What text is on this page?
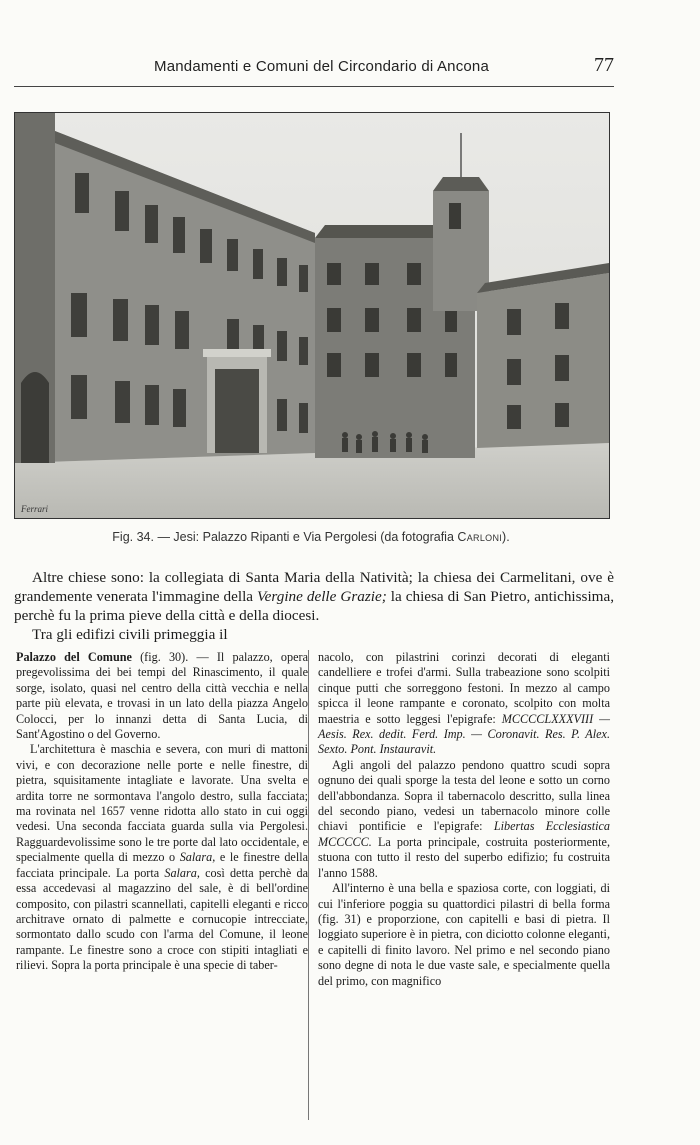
Mandamenti e Comuni del Circondario di Ancona	77
Ferrari
Fig. 34. — Jesi: Palazzo Ripanti e Via Pergolesi (da fotografia Carloni).

Altre chiese sono: la collegiata di Santa Maria della Natività; la chiesa dei Carmelitani, ove è grandemente venerata l'immagine della Vergine delle Grazie; la chiesa di San Pietro, antichissima, perchè fu la prima pieve della città e della diocesi.

Tra gli edifizi civili primeggia il

Palazzo del Comune (fig. 30). — Il palazzo, opera pregevolissima dei bei tempi del Rinascimento, il quale sorge, isolato, quasi nel centro della città vecchia e nella parte più elevata, e trovasi in un lato della piazza Angelo Colocci, per lo innanzi detta di Santa Lucia, di Sant'Agostino o del Governo.

L'architettura è maschia e severa, con muri di mattoni vivi, e con decorazione nelle porte e nelle finestre, di pietra, squisitamente intagliate e lavorate. Una svelta e ardita torre ne sormontava l'angolo destro, sulla facciata; ma rovinata nel 1657 venne ridotta allo stato in cui oggi vedesi. Una seconda facciata guarda sulla via Pergolesi. Ragguardevolissime sono le tre porte dal lato occidentale, e specialmente quella di mezzo o Salara, e le finestre della facciata principale. La porta Salara, così detta perchè da essa accedevasi al magazzino del sale, è di bell'ordine composito, con pilastri scannellati, capitelli eleganti e ricco architrave ornato di palmette e cornucopie intrecciate, sormontato dallo scudo con l'arma del Comune, il leone rampante. Le finestre sono a croce con stipiti intagliati e rilievi. Sopra la porta principale è una specie di taber-

nacolo, con pilastrini corinzi decorati di eleganti candelliere e trofei d'armi. Sulla trabeazione sono scolpiti cinque putti che sorreggono festoni. In mezzo al campo spicca il leone rampante e coronato, scolpito con molta maestria e sotto leggesi l'epigrafe: MCCCCLXXXVIII — Aesis. Rex. dedit. Ferd. Imp. — Coronavit. Res. P. Alex. Sexto. Pont. Instauravit.

Agli angoli del palazzo pendono quattro scudi sopra ognuno dei quali sporge la testa del leone e sotto un corno dell'abbondanza. Sopra il tabernacolo descritto, sulla linea del secondo piano, vedesi un tabernacolo minore colle chiavi pontificie e l'epigrafe: Libertas Ecclesiastica MCCCCC. La porta principale, costruita posteriormente, stuona con tutto il resto del superbo edifizio; fu costruita l'anno 1588.

All'interno è una bella e spaziosa corte, con loggiati, di cui l'inferiore poggia su quattordici pilastri di bella forma (fig. 31) e proporzione, con capitelli e basi di pietra. Il loggiato superiore è in pietra, con diciotto colonne eleganti, e capitelli di finito lavoro. Nel primo e nel secondo piano sono degne di nota le due vaste sale, e specialmente quella del primo, con magnifico
